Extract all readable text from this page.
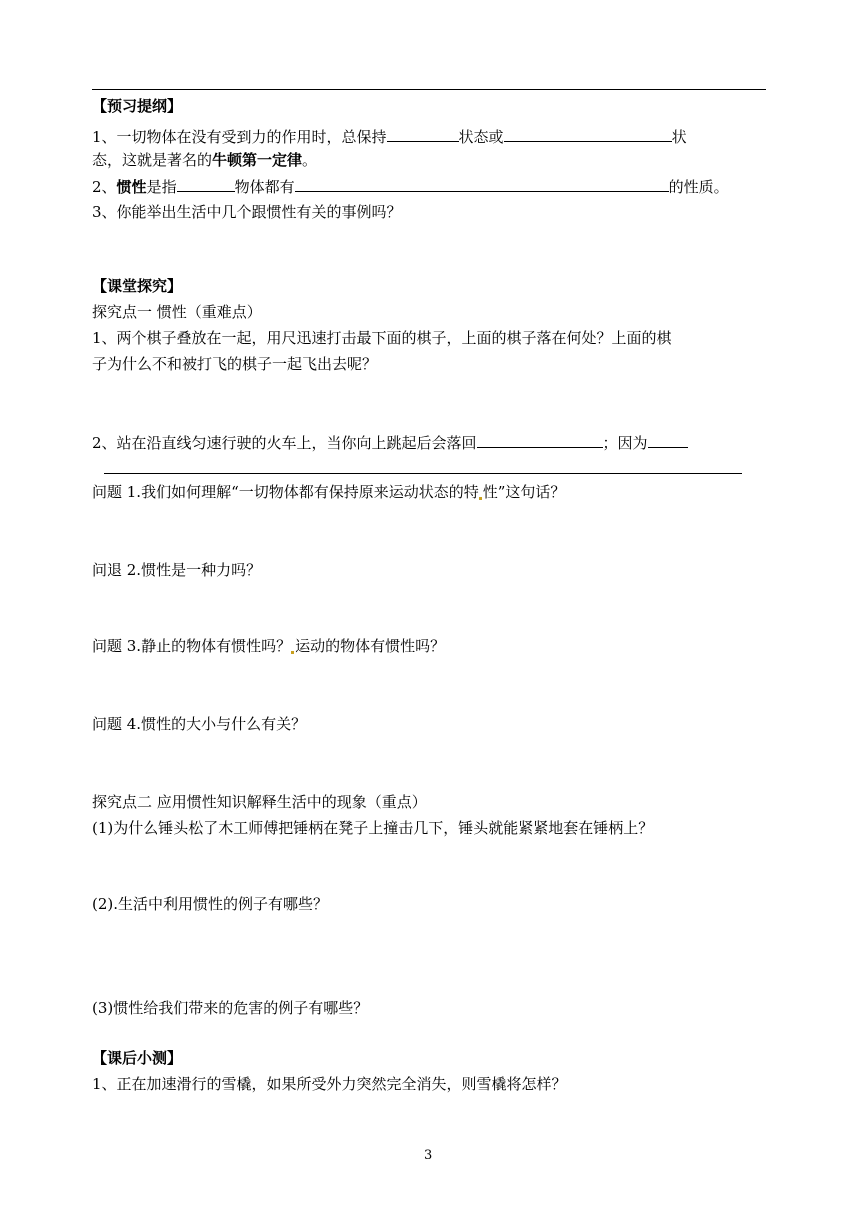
【预习提纲】
1、一切物体在没有受到力的作用时，总保持	状态或	状
态，这就是著名的牛顿第一定律。
2、惯性是指	物体都有	的性质。
3、你能举出生活中几个跟惯性有关的事例吗？
【课堂探究】
探究点一 惯性（重难点）
1、两个棋子叠放在一起，用尺迅速打击最下面的棋子，上面的棋子落在何处？上面的棋
子为什么不和被打飞的棋子一起飞出去呢？
2、站在沿直线匀速行驶的火车上，当你向上跳起后会落回	；因为
问题 1.我们如何理解“一切物体都有保持原来运动状态的特 性”这句话？
问退 2.惯性是一种力吗？
问题 3.静止的物体有惯性吗？ 运动的物体有惯性吗？
问题 4.惯性的大小与什么有关？
探究点二 应用惯性知识解释生活中的现象（重点）
(1)为什么锤头松了木工师傅把锤柄在凳子上撞击几下，锤头就能紧紧地套在锤柄上？
(2).生活中利用惯性的例子有哪些？
(3)惯性给我们带来的危害的例子有哪些？
【课后小测】
1、正在加速滑行的雪橇，如果所受外力突然完全消失，则雪橇将怎样？
3
